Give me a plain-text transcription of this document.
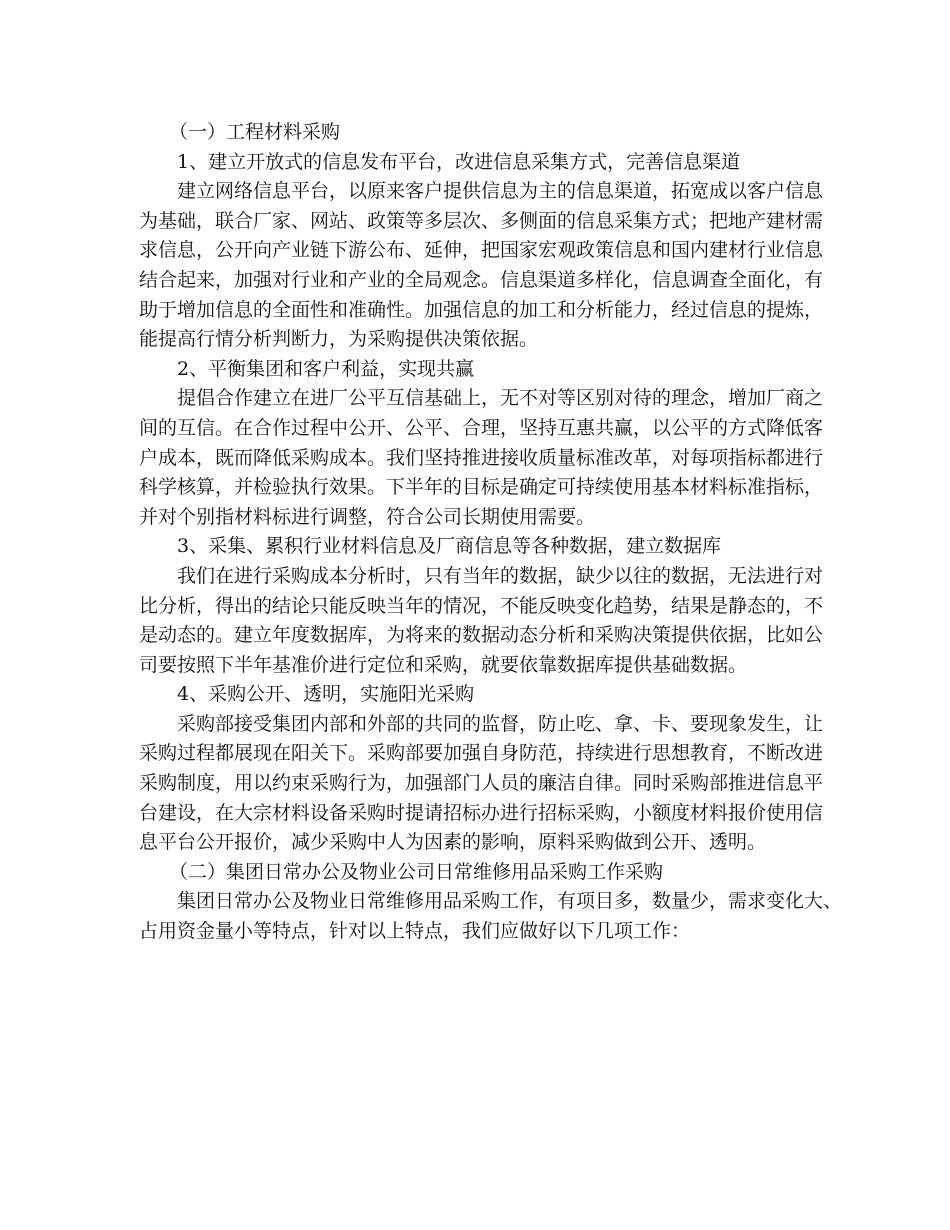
（一）工程材料采购

1、建立开放式的信息发布平台，改进信息采集方式，完善信息渠道

建立网络信息平台，以原来客户提供信息为主的信息渠道，拓宽成以客户信息

为基础，联合厂家、网站、政策等多层次、多侧面的信息采集方式；把地产建材需

求信息，公开向产业链下游公布、延伸，把国家宏观政策信息和国内建材行业信息

结合起来，加强对行业和产业的全局观念。信息渠道多样化，信息调查全面化，有

助于增加信息的全面性和准确性。加强信息的加工和分析能力，经过信息的提炼，

能提高行情分析判断力，为采购提供决策依据。

2、平衡集团和客户利益，实现共赢

提倡合作建立在进厂公平互信基础上，无不对等区别对待的理念，增加厂商之

间的互信。在合作过程中公开、公平、合理，坚持互惠共赢，以公平的方式降低客

户成本，既而降低采购成本。我们坚持推进接收质量标准改革，对每项指标都进行

科学核算，并检验执行效果。下半年的目标是确定可持续使用基本材料标准指标，

并对个别指材料标进行调整，符合公司长期使用需要。

3、采集、累积行业材料信息及厂商信息等各种数据，建立数据库

我们在进行采购成本分析时，只有当年的数据，缺少以往的数据，无法进行对

比分析，得出的结论只能反映当年的情况，不能反映变化趋势，结果是静态的，不

是动态的。建立年度数据库，为将来的数据动态分析和采购决策提供依据，比如公

司要按照下半年基准价进行定位和采购，就要依靠数据库提供基础数据。

4、采购公开、透明，实施阳光采购

采购部接受集团内部和外部的共同的监督，防止吃、拿、卡、要现象发生，让

采购过程都展现在阳关下。采购部要加强自身防范，持续进行思想教育，不断改进

采购制度，用以约束采购行为，加强部门人员的廉洁自律。同时采购部推进信息平

台建设，在大宗材料设备采购时提请招标办进行招标采购，小额度材料报价使用信

息平台公开报价，减少采购中人为因素的影响，原料采购做到公开、透明。

（二）集团日常办公及物业公司日常维修用品采购工作采购

集团日常办公及物业日常维修用品采购工作，有项目多，数量少，需求变化大、

占用资金量小等特点，针对以上特点，我们应做好以下几项工作：
